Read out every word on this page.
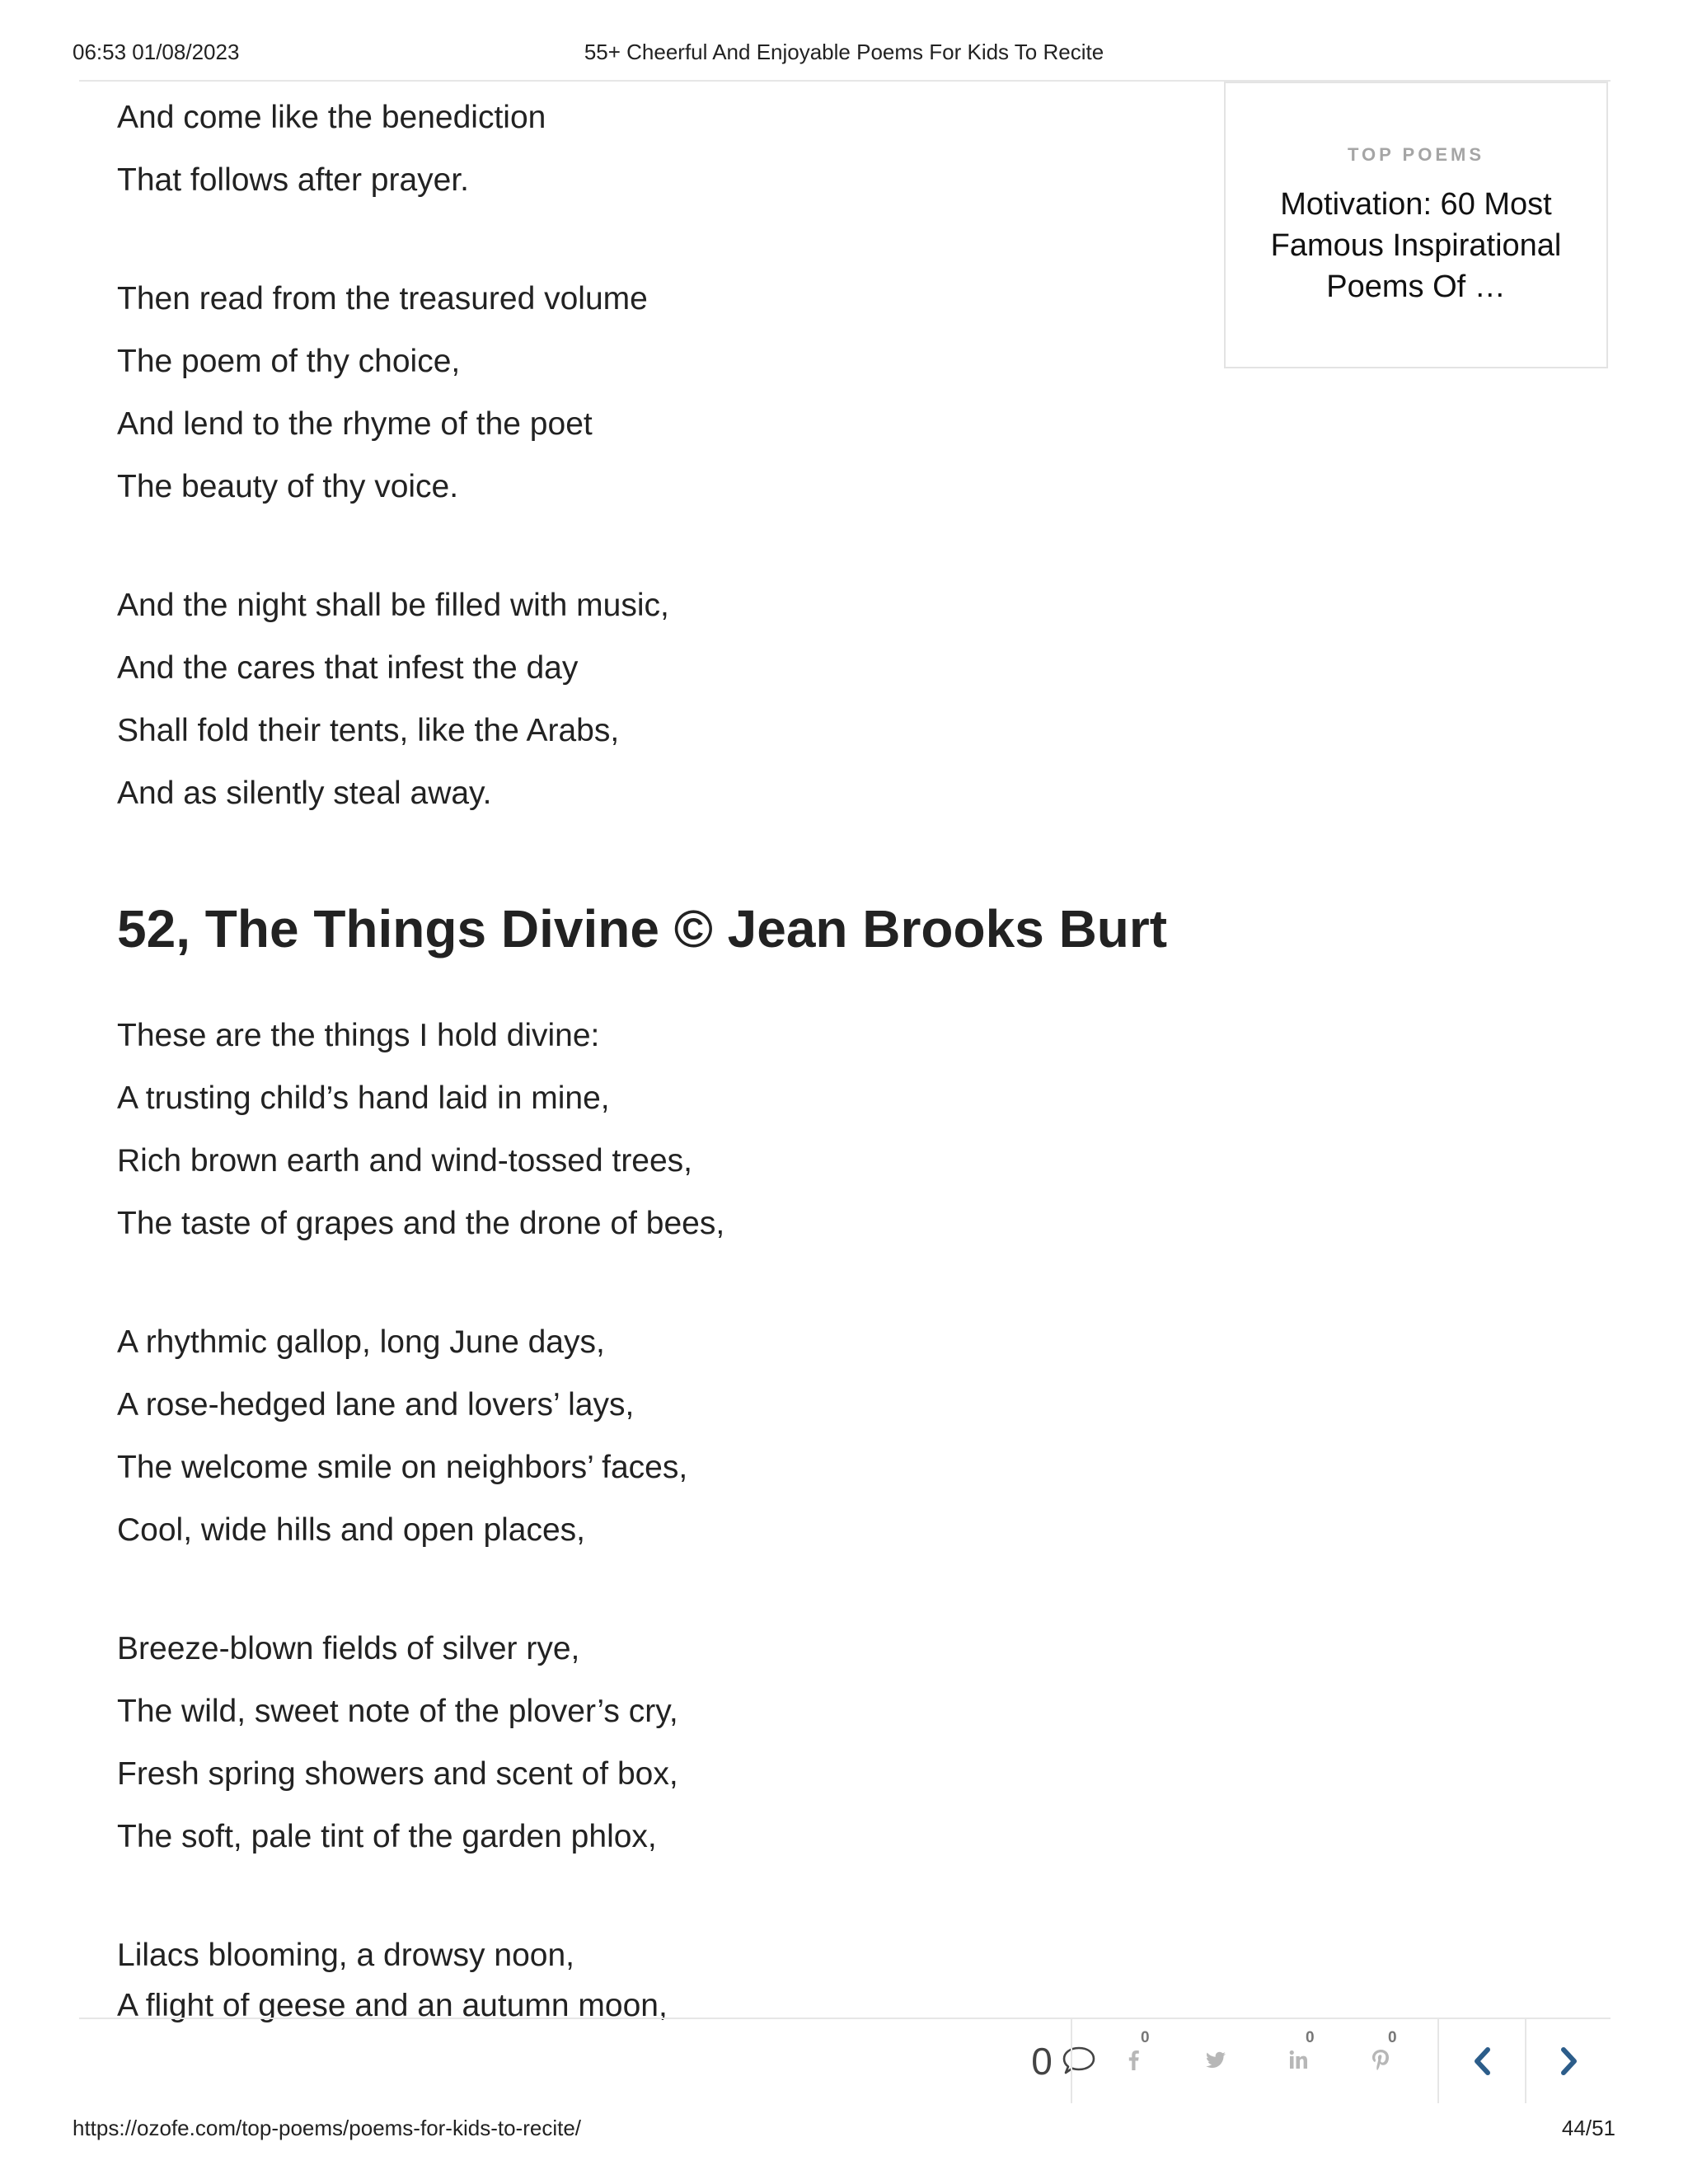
06:53 01/08/2023	55+ Cheerful And Enjoyable Poems For Kids To Recite
And come like the benediction
That follows after prayer.
Then read from the treasured volume
The poem of thy choice,
And lend to the rhyme of the poet
The beauty of thy voice.
And the night shall be filled with music,
And the cares that infest the day
Shall fold their tents, like the Arabs,
And as silently steal away.
52, The Things Divine © Jean Brooks Burt
These are the things I hold divine:
A trusting child’s hand laid in mine,
Rich brown earth and wind-tossed trees,
The taste of grapes and the drone of bees,
A rhythmic gallop, long June days,
A rose-hedged lane and lovers’ lays,
The welcome smile on neighbors’ faces,
Cool, wide hills and open places,
Breeze-blown fields of silver rye,
The wild, sweet note of the plover’s cry,
Fresh spring showers and scent of box,
The soft, pale tint of the garden phlox,
Lilacs blooming, a drowsy noon,
A flight of geese and an autumn moon,
TOP POEMS
Motivation: 60 Most Famous Inspirational Poems Of …
0
0	0	0
https://ozofe.com/top-poems/poems-for-kids-to-recite/	44/51
